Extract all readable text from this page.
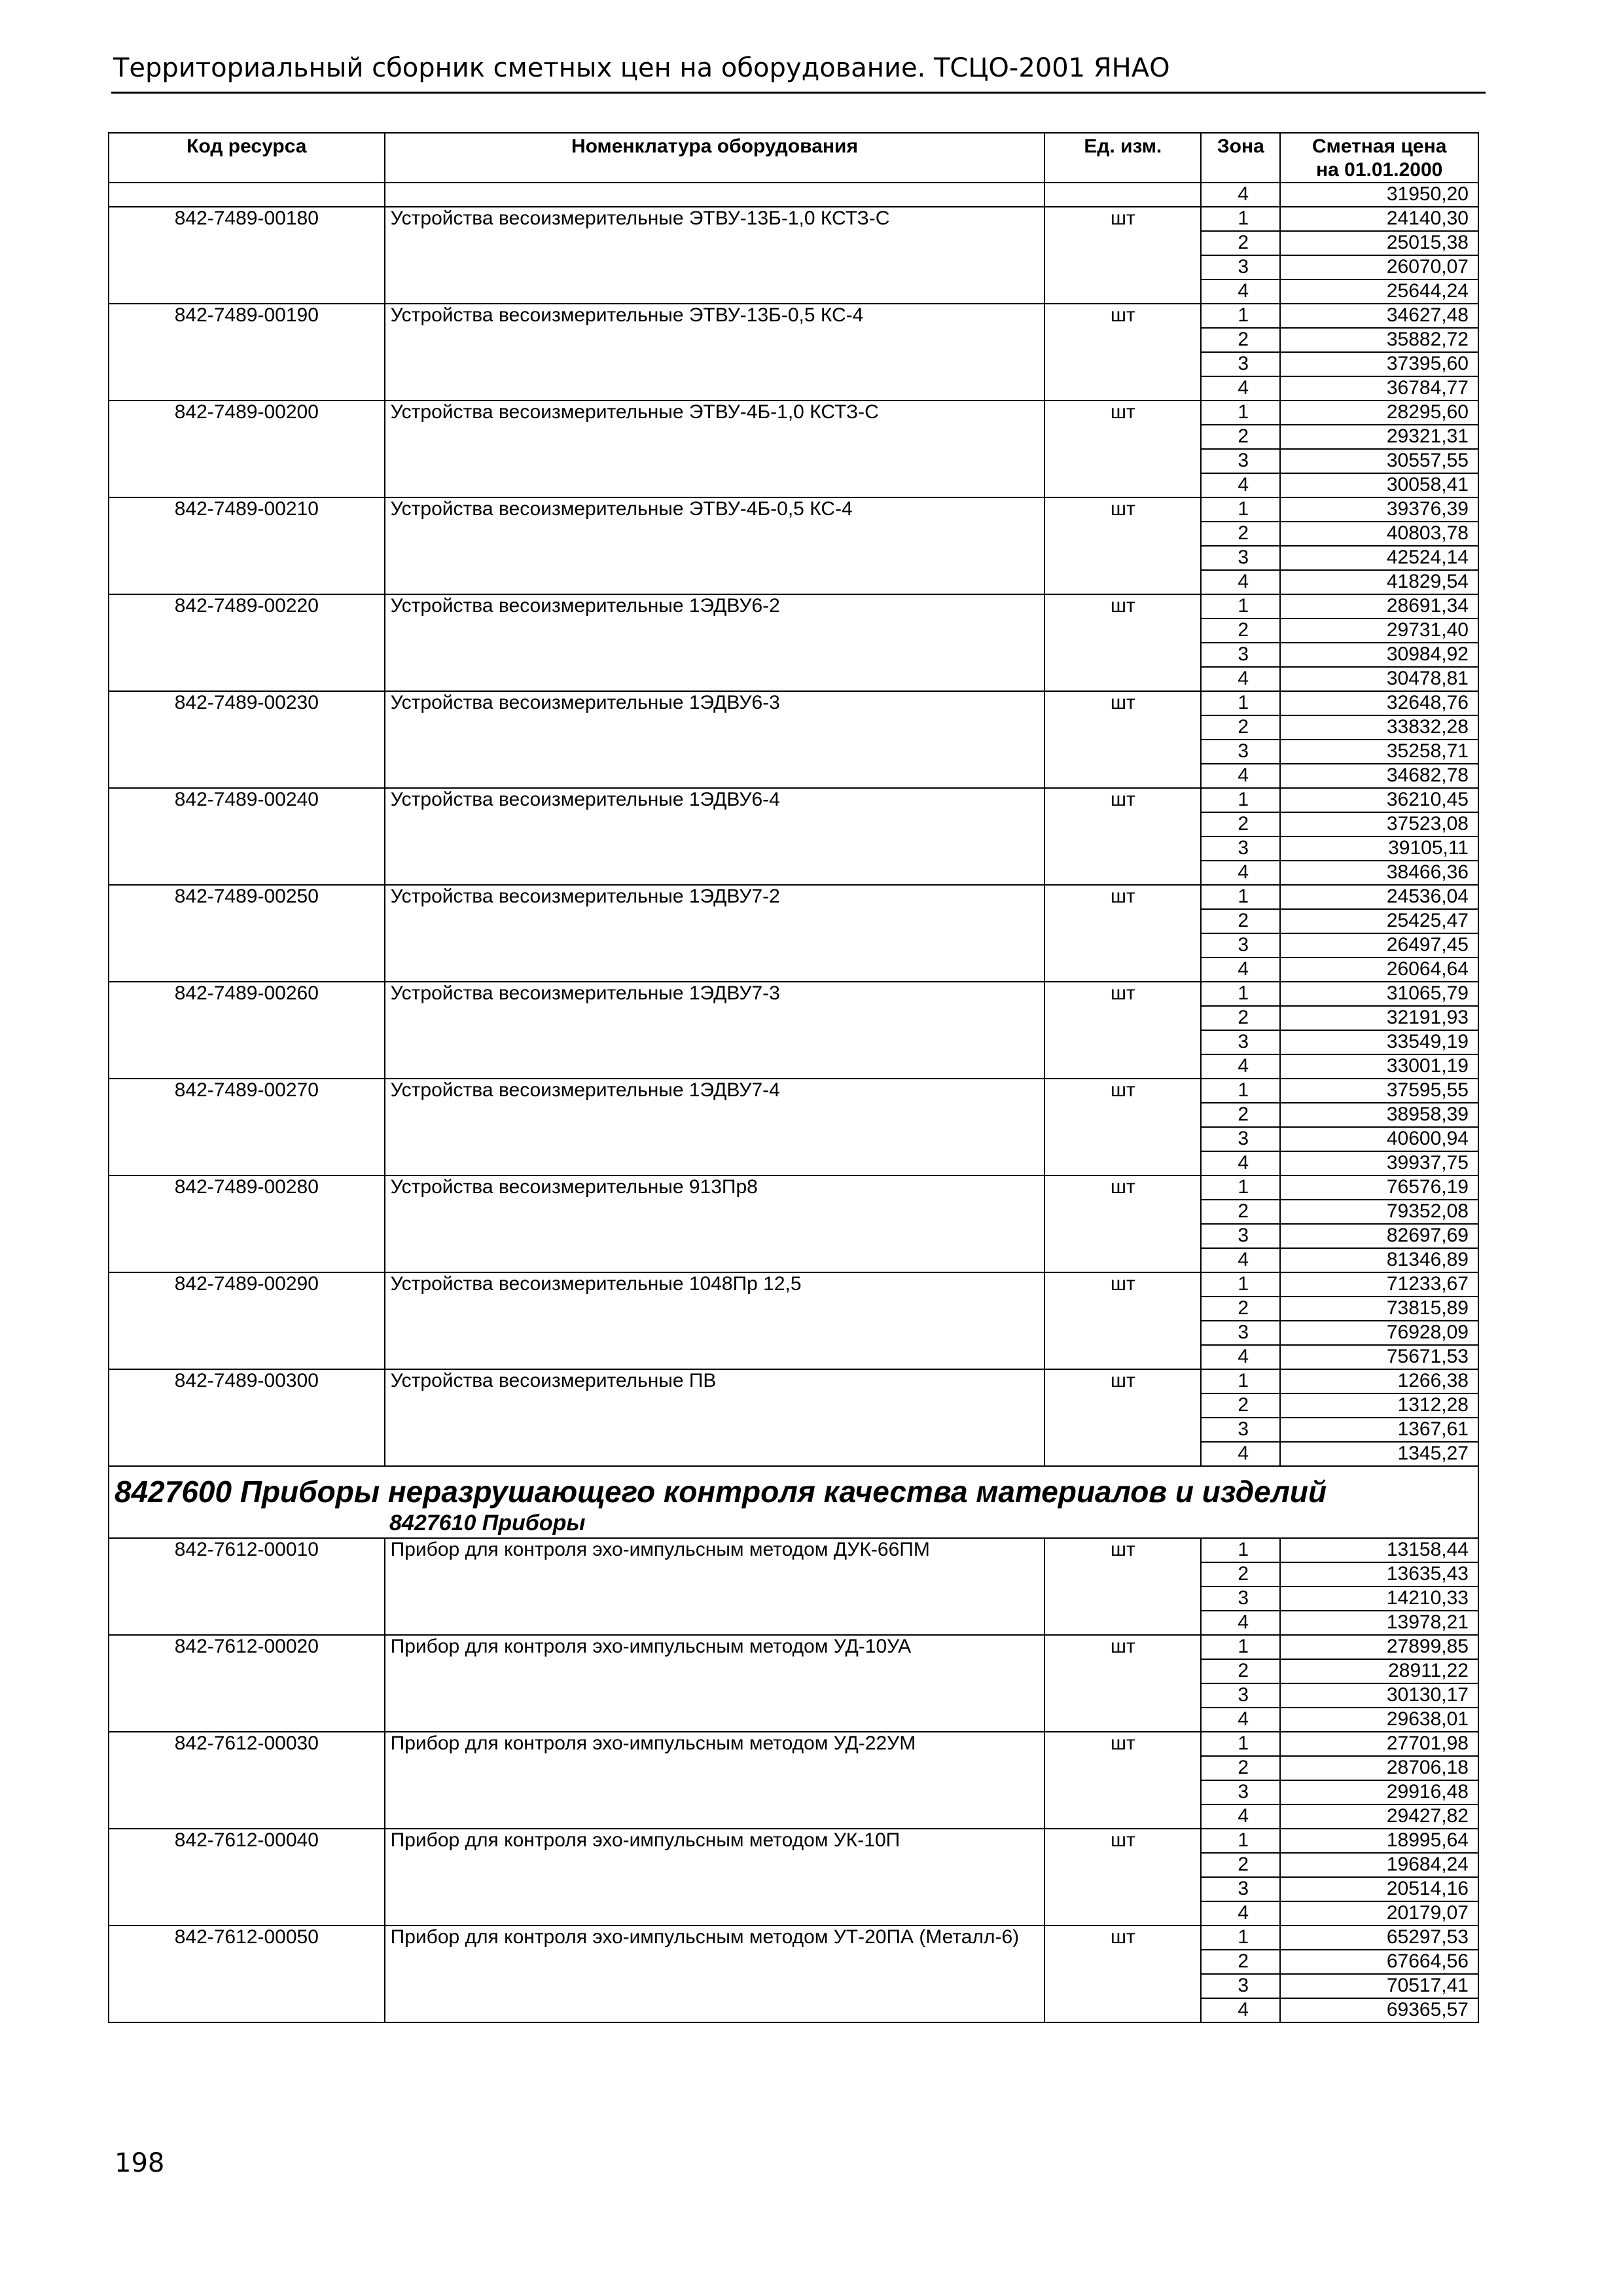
Территориальный сборник сметных цен на оборудование. ТСЦО-2001 ЯНАО
Код ресурса	Номенклатура оборудования	Ед. изм.	Зона	Сметная цена
на 01.01.2000
			4	31950,20
842-7489-00180	Устройства весоизмерительные ЭТВУ-13Б-1,0 КСТЗ-С	шт	1	24140,30
			2	25015,38
			3	26070,07
			4	25644,24
842-7489-00190	Устройства весоизмерительные ЭТВУ-13Б-0,5 КС-4	шт	1	34627,48
			2	35882,72
			3	37395,60
			4	36784,77
842-7489-00200	Устройства весоизмерительные ЭТВУ-4Б-1,0 КСТЗ-С	шт	1	28295,60
			2	29321,31
			3	30557,55
			4	30058,41
842-7489-00210	Устройства весоизмерительные ЭТВУ-4Б-0,5 КС-4	шт	1	39376,39
			2	40803,78
			3	42524,14
			4	41829,54
842-7489-00220	Устройства весоизмерительные 1ЭДВУ6-2	шт	1	28691,34
			2	29731,40
			3	30984,92
			4	30478,81
842-7489-00230	Устройства весоизмерительные 1ЭДВУ6-3	шт	1	32648,76
			2	33832,28
			3	35258,71
			4	34682,78
842-7489-00240	Устройства весоизмерительные 1ЭДВУ6-4	шт	1	36210,45
			2	37523,08
			3	39105,11
			4	38466,36
842-7489-00250	Устройства весоизмерительные 1ЭДВУ7-2	шт	1	24536,04
			2	25425,47
			3	26497,45
			4	26064,64
842-7489-00260	Устройства весоизмерительные 1ЭДВУ7-3	шт	1	31065,79
			2	32191,93
			3	33549,19
			4	33001,19
842-7489-00270	Устройства весоизмерительные 1ЭДВУ7-4	шт	1	37595,55
			2	38958,39
			3	40600,94
			4	39937,75
842-7489-00280	Устройства весоизмерительные 913Пр8	шт	1	76576,19
			2	79352,08
			3	82697,69
			4	81346,89
842-7489-00290	Устройства весоизмерительные 1048Пр 12,5	шт	1	71233,67
			2	73815,89
			3	76928,09
			4	75671,53
842-7489-00300	Устройства весоизмерительные ПВ	шт	1	1266,38
			2	1312,28
			3	1367,61
			4	1345,27

8427600 Приборы неразрушающего контроля качества материалов и изделий
8427610 Приборы				

842-7612-00010	Прибор для контроля эхо-импульсным методом ДУК-66ПМ	шт	1	13158,44
			2	13635,43
			3	14210,33
			4	13978,21
842-7612-00020	Прибор для контроля эхо-импульсным методом УД-10УА	шт	1	27899,85
			2	28911,22
			3	30130,17
			4	29638,01
842-7612-00030	Прибор для контроля эхо-импульсным методом УД-22УМ	шт	1	27701,98
			2	28706,18
			3	29916,48
			4	29427,82
842-7612-00040	Прибор для контроля эхо-импульсным методом УК-10П	шт	1	18995,64
			2	19684,24
			3	20514,16
			4	20179,07
842-7612-00050	Прибор для контроля эхо-импульсным методом УТ-20ПА (Металл-6)	шт	1	65297,53
			2	67664,56
			3	70517,41
			4	69365,57
198
